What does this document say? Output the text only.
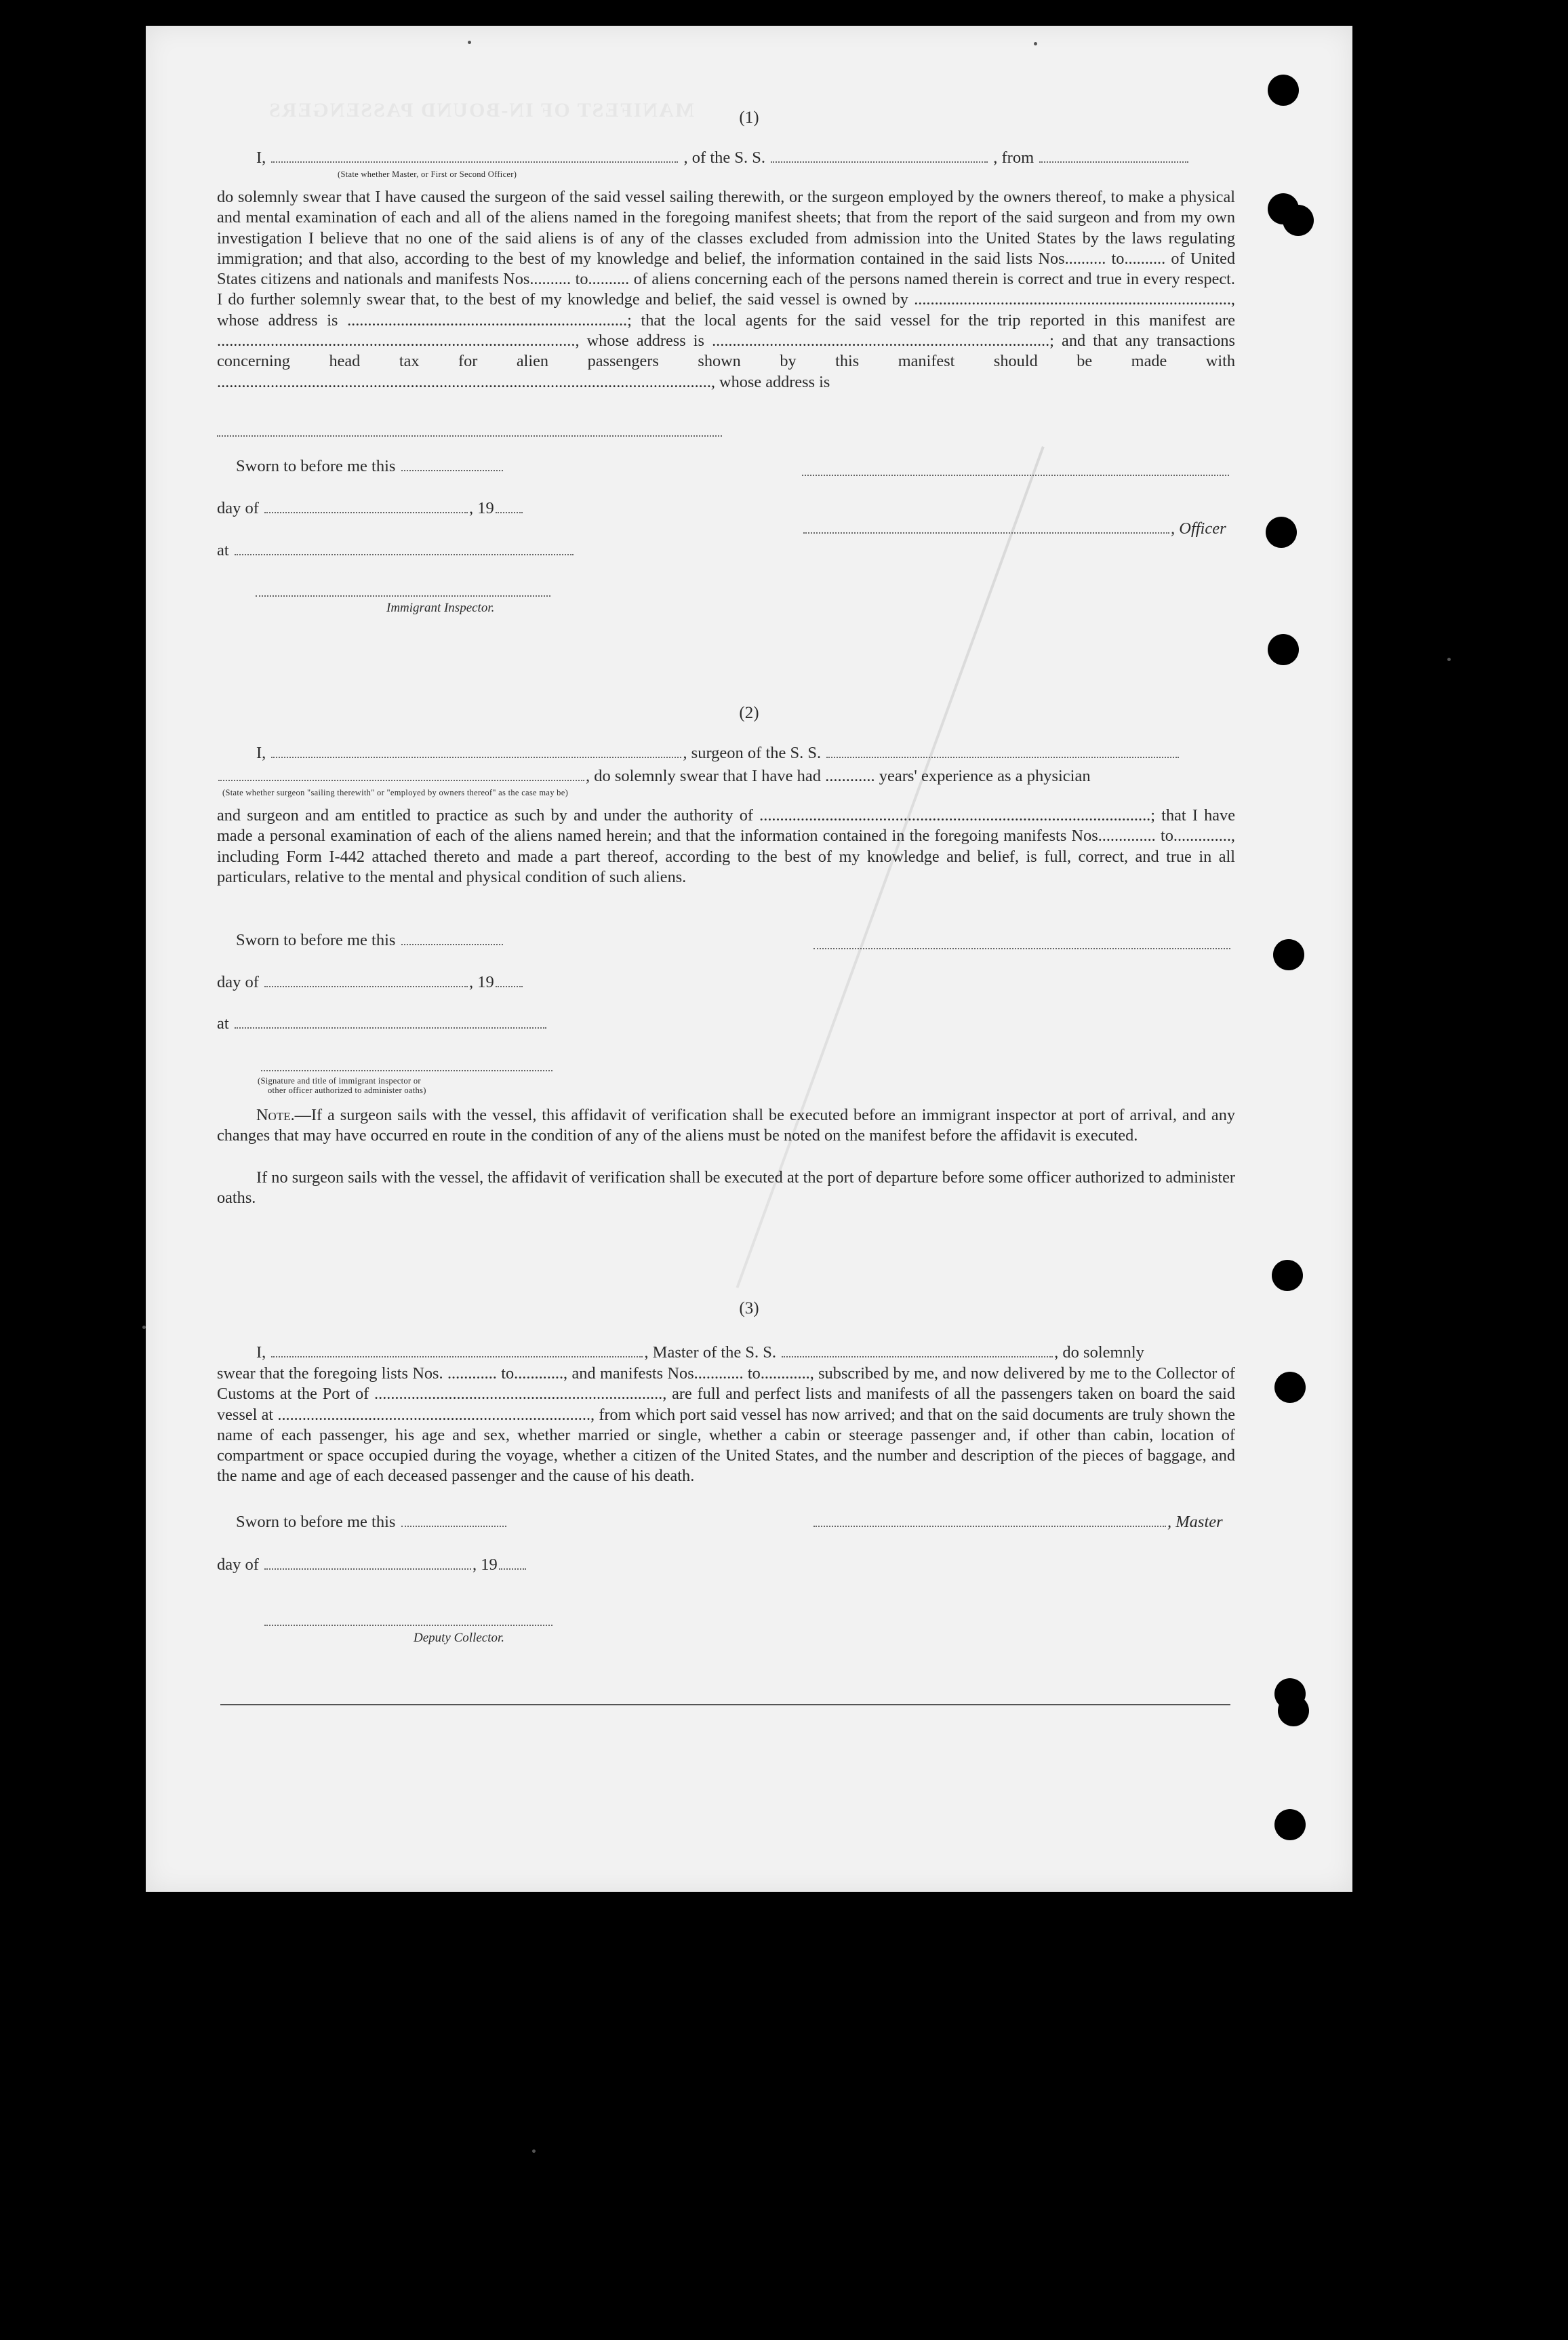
MANIFEST OF IN-BOUND PASSENGERS	(1)
I,	, of the S. S.	, from
(State whether Master, or First or Second Officer)
do solemnly swear that I have caused the surgeon of the said vessel sailing therewith, or the surgeon employed by the owners thereof, to make a physical and mental examination of each and all of the aliens named in the foregoing manifest sheets; that from the report of the said surgeon and from my own investigation I believe that no one of the said aliens is of any of the classes excluded from admission into the United States by the laws regulating immigration; and that also, according to the best of my knowledge and belief, the information contained in the said lists Nos.......... to.......... of United States citizens and nationals and manifests Nos.......... to.......... of aliens concerning each of the persons named therein is correct and true in every respect. I do further solemnly swear that, to the best of my knowledge and belief, the said vessel is owned by ............................................................................., whose address is ....................................................................; that the local agents for the said vessel for the trip reported in this manifest are ......................................................................................., whose address is ..................................................................................; and that any transactions concerning head tax for alien passengers shown by this manifest should be made with ........................................................................................................................, whose address is
Sworn to before me this
day of	, 19
, Officer
at
Immigrant Inspector.
(2)
I,	, surgeon of the S. S.
, do solemnly swear that I have had ............ years' experience as a physician
(State whether surgeon "sailing therewith" or "employed by owners thereof" as the case may be)
and surgeon and am entitled to practice as such by and under the authority of ...............................................................................................; that I have made a personal examination of each of the aliens named herein; and that the information contained in the foregoing manifests Nos.............. to.............., including Form I-442 attached thereto and made a part thereof, according to the best of my knowledge and belief, is full, correct, and true in all particulars, relative to the mental and physical condition of such aliens.
Sworn to before me this
day of	, 19
at
(Signature and title of immigrant inspector or
other officer authorized to administer oaths)
Note.—If a surgeon sails with the vessel, this affidavit of verification shall be executed before an immigrant inspector at port of arrival, and any changes that may have occurred en route in the condition of any of the aliens must be noted on the manifest before the affidavit is executed.
If no surgeon sails with the vessel, the affidavit of verification shall be executed at the port of departure before some officer authorized to administer oaths.
(3)
I,	, Master of the S. S.	, do solemnly
swear that the foregoing lists Nos. ............ to............, and manifests Nos............ to............, subscribed by me, and now delivered by me to the Collector of Customs at the Port of ......................................................................, are full and perfect lists and manifests of all the passengers taken on board the said vessel at ............................................................................, from which port said vessel has now arrived; and that on the said documents are truly shown the name of each passenger, his age and sex, whether married or single, whether a cabin or steerage passenger and, if other than cabin, location of compartment or space occupied during the voyage, whether a citizen of the United States, and the number and description of the pieces of baggage, and the name and age of each deceased passenger and the cause of his death.
Sworn to before me this	, Master
day of	, 19
Deputy Collector.
